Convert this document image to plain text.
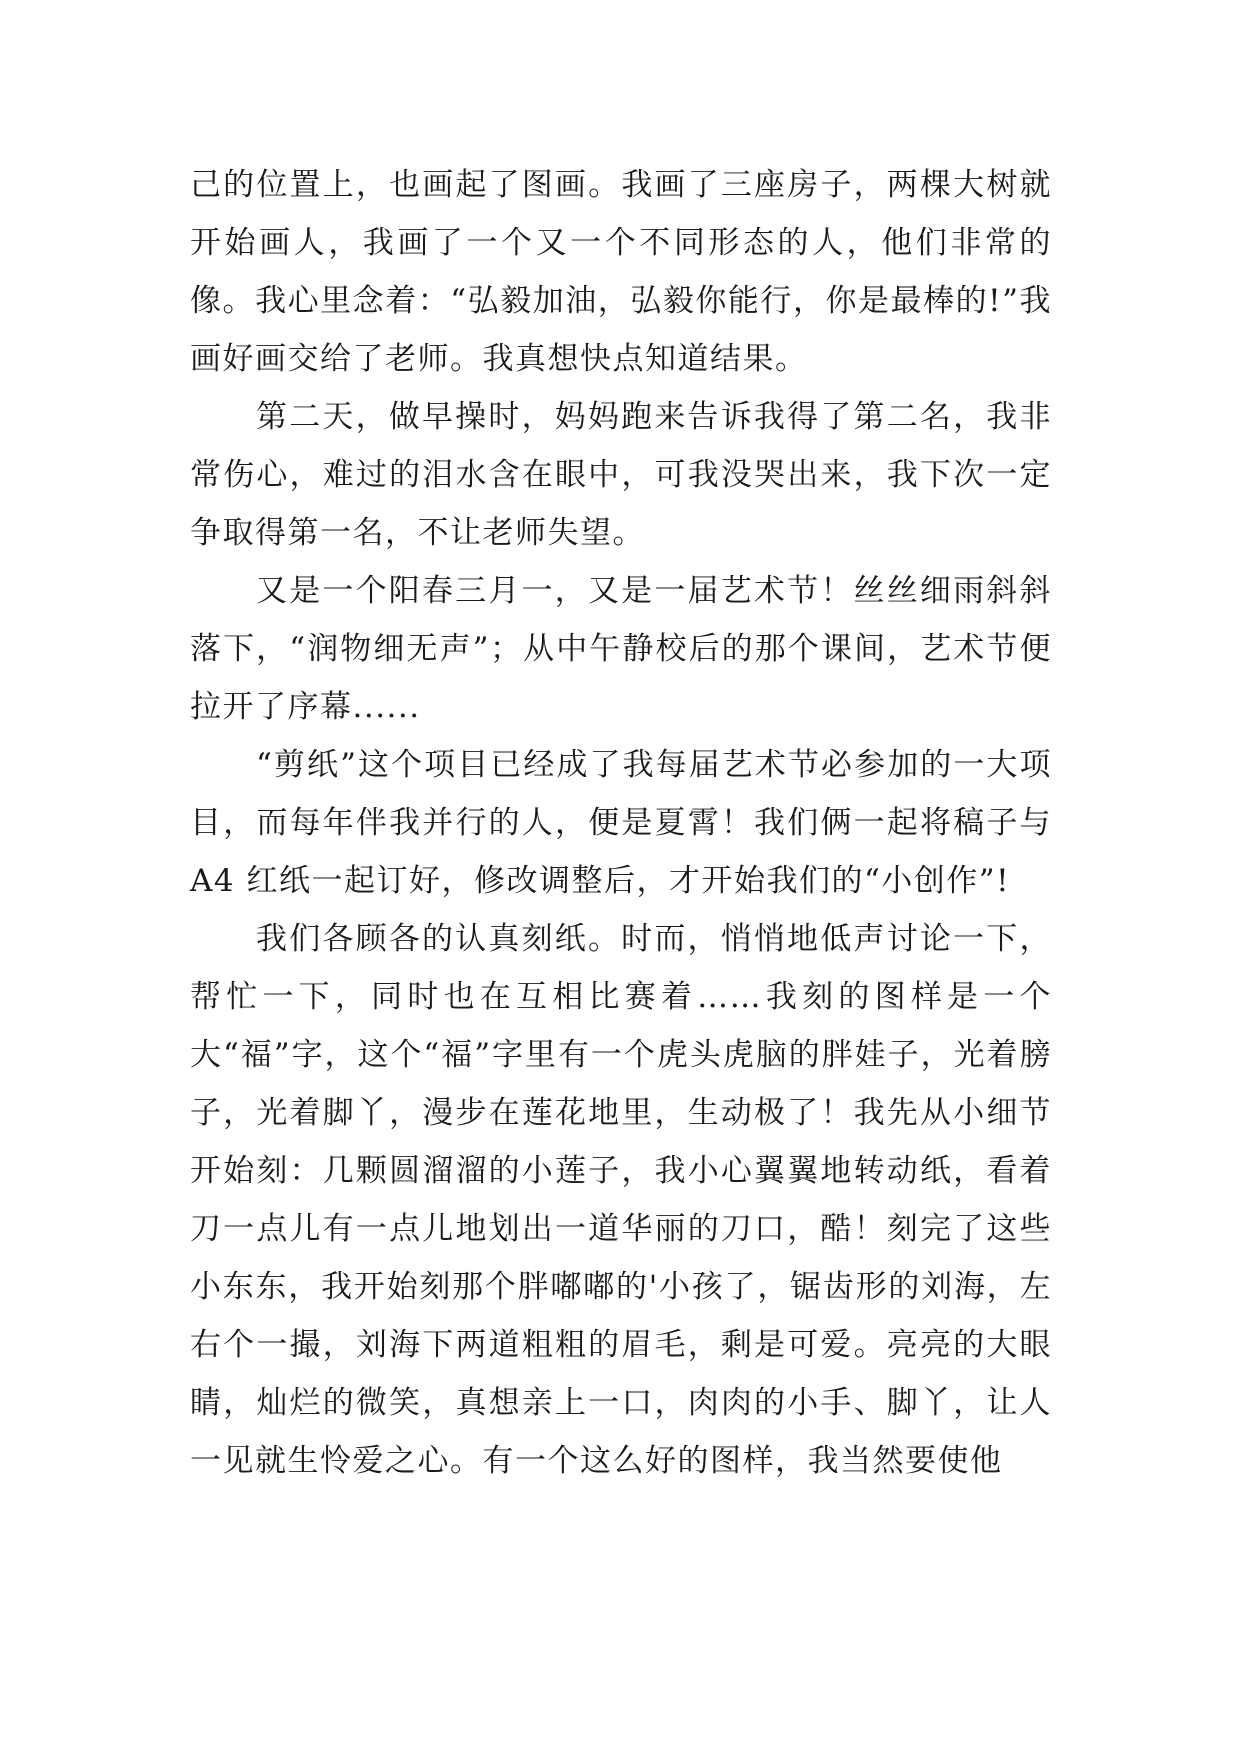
己的位置上，也画起了图画。我画了三座房子，两棵大树就开始画人，我画了一个又一个不同形态的人，他们非常的像。我心里念着：“弘毅加油，弘毅你能行，你是最棒的!”我画好画交给了老师。我真想快点知道结果。

第二天，做早操时，妈妈跑来告诉我得了第二名，我非常伤心，难过的泪水含在眼中，可我没哭出来，我下次一定争取得第一名，不让老师失望。

又是一个阳春三月一，又是一届艺术节！丝丝细雨斜斜落下，“润物细无声”；从中午静校后的那个课间，艺术节便拉开了序幕......

“剪纸”这个项目已经成了我每届艺术节必参加的一大项目，而每年伴我并行的人，便是夏霄！我们俩一起将稿子与 A4 红纸一起订好，修改调整后，才开始我们的“小创作”!

我们各顾各的认真刻纸。时而，悄悄地低声讨论一下，帮忙一下，同时也在互相比赛着……我刻的图样是一个大“福”字，这个“福”字里有一个虎头虎脑的胖娃子，光着膀子，光着脚丫，漫步在莲花地里，生动极了！我先从小细节开始刻：几颗圆溜溜的小莲子，我小心翼翼地转动纸，看着刀一点儿有一点儿地划出一道华丽的刀口，酷！刻完了这些小东东，我开始刻那个胖嘟嘟的'小孩了，锯齿形的刘海，左右个一撮，刘海下两道粗粗的眉毛，剩是可爱。亮亮的大眼睛，灿烂的微笑，真想亲上一口，肉肉的小手、脚丫，让人一见就生怜爱之心。有一个这么好的图样，我当然要使他
